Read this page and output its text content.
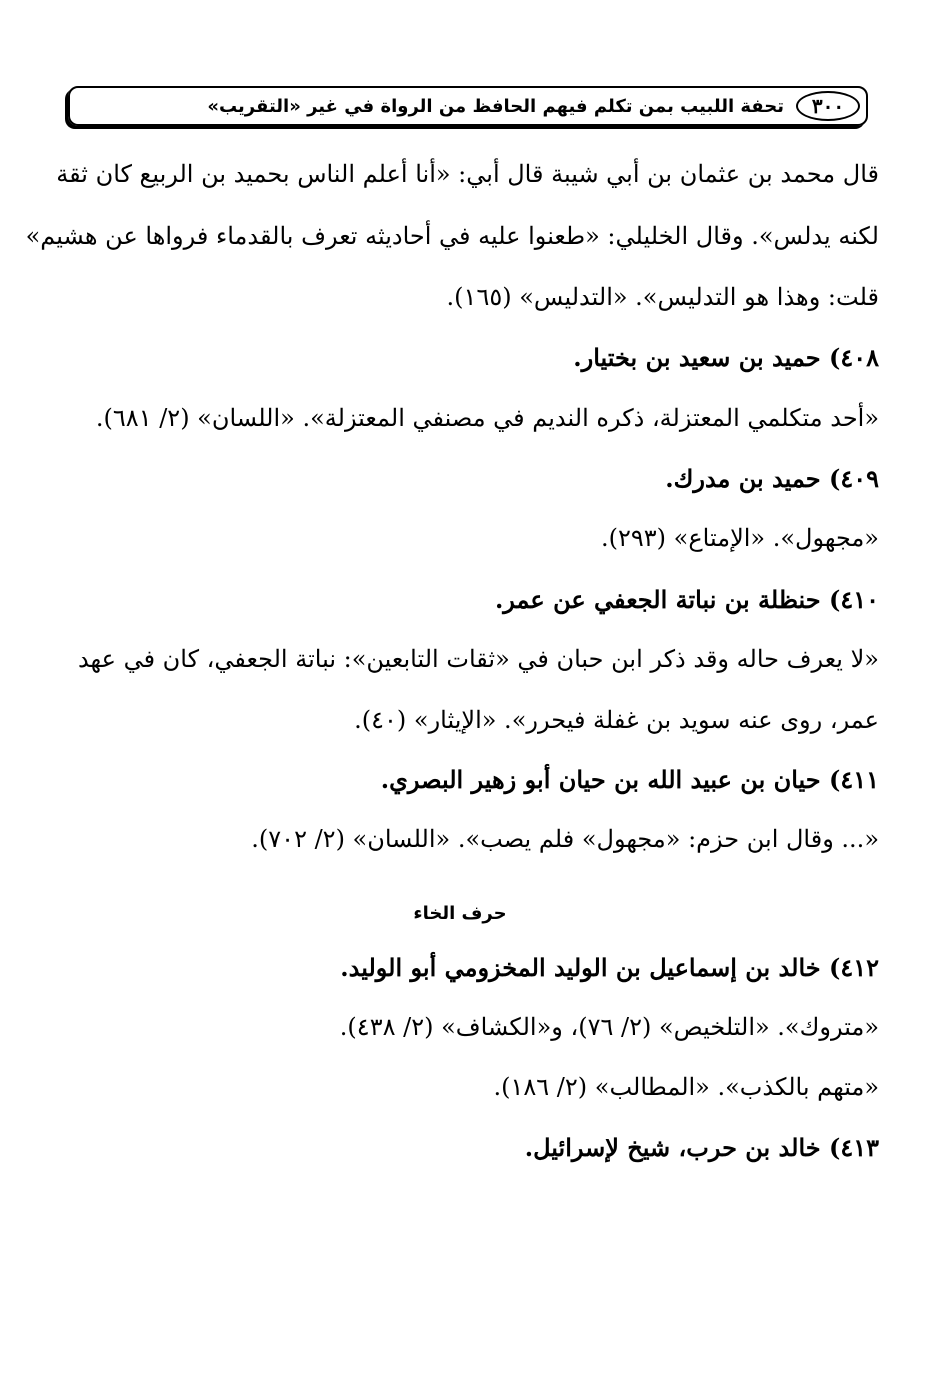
٣٠٠
تحفة اللبيب بمن تكلم فيهم الحافظ من الرواة في غير «التقريب»
قال محمد بن عثمان بن أبي شيبة قال أبي: «أنا أعلم الناس بحميد بن الربيع كان ثقة
لكنه يدلس». وقال الخليلي: «طعنوا عليه في أحاديثه تعرف بالقدماء فرواها عن هشيم»
قلت: وهذا هو التدليس». «التدليس» (١٦٥).
٤٠٨) حميد بن سعيد بن بختيار.
«أحد متكلمي المعتزلة، ذكره النديم في مصنفي المعتزلة». «اللسان» (٢/ ٦٨١).
٤٠٩) حميد بن مدرك.
«مجهول». «الإمتاع» (٢٩٣).
٤١٠) حنظلة بن نباتة الجعفي عن عمر.
«لا يعرف حاله وقد ذكر ابن حبان في «ثقات التابعين»: نباتة الجعفي، كان في عهد
عمر، روى عنه سويد بن غفلة فيحرر». «الإيثار» (٤٠).
٤١١) حيان بن عبيد الله بن حيان أبو زهير البصري.
«... وقال ابن حزم: «مجهول» فلم يصب». «اللسان» (٢/ ٧٠٢).
حرف الخاء
٤١٢) خالد بن إسماعيل بن الوليد المخزومي أبو الوليد.
«متروك». «التلخيص» (٢/ ٧٦)، و«الكشاف» (٢/ ٤٣٨).
«متهم بالكذب». «المطالب» (٢/ ١٨٦).
٤١٣) خالد بن حرب، شيخ لإسرائيل.
